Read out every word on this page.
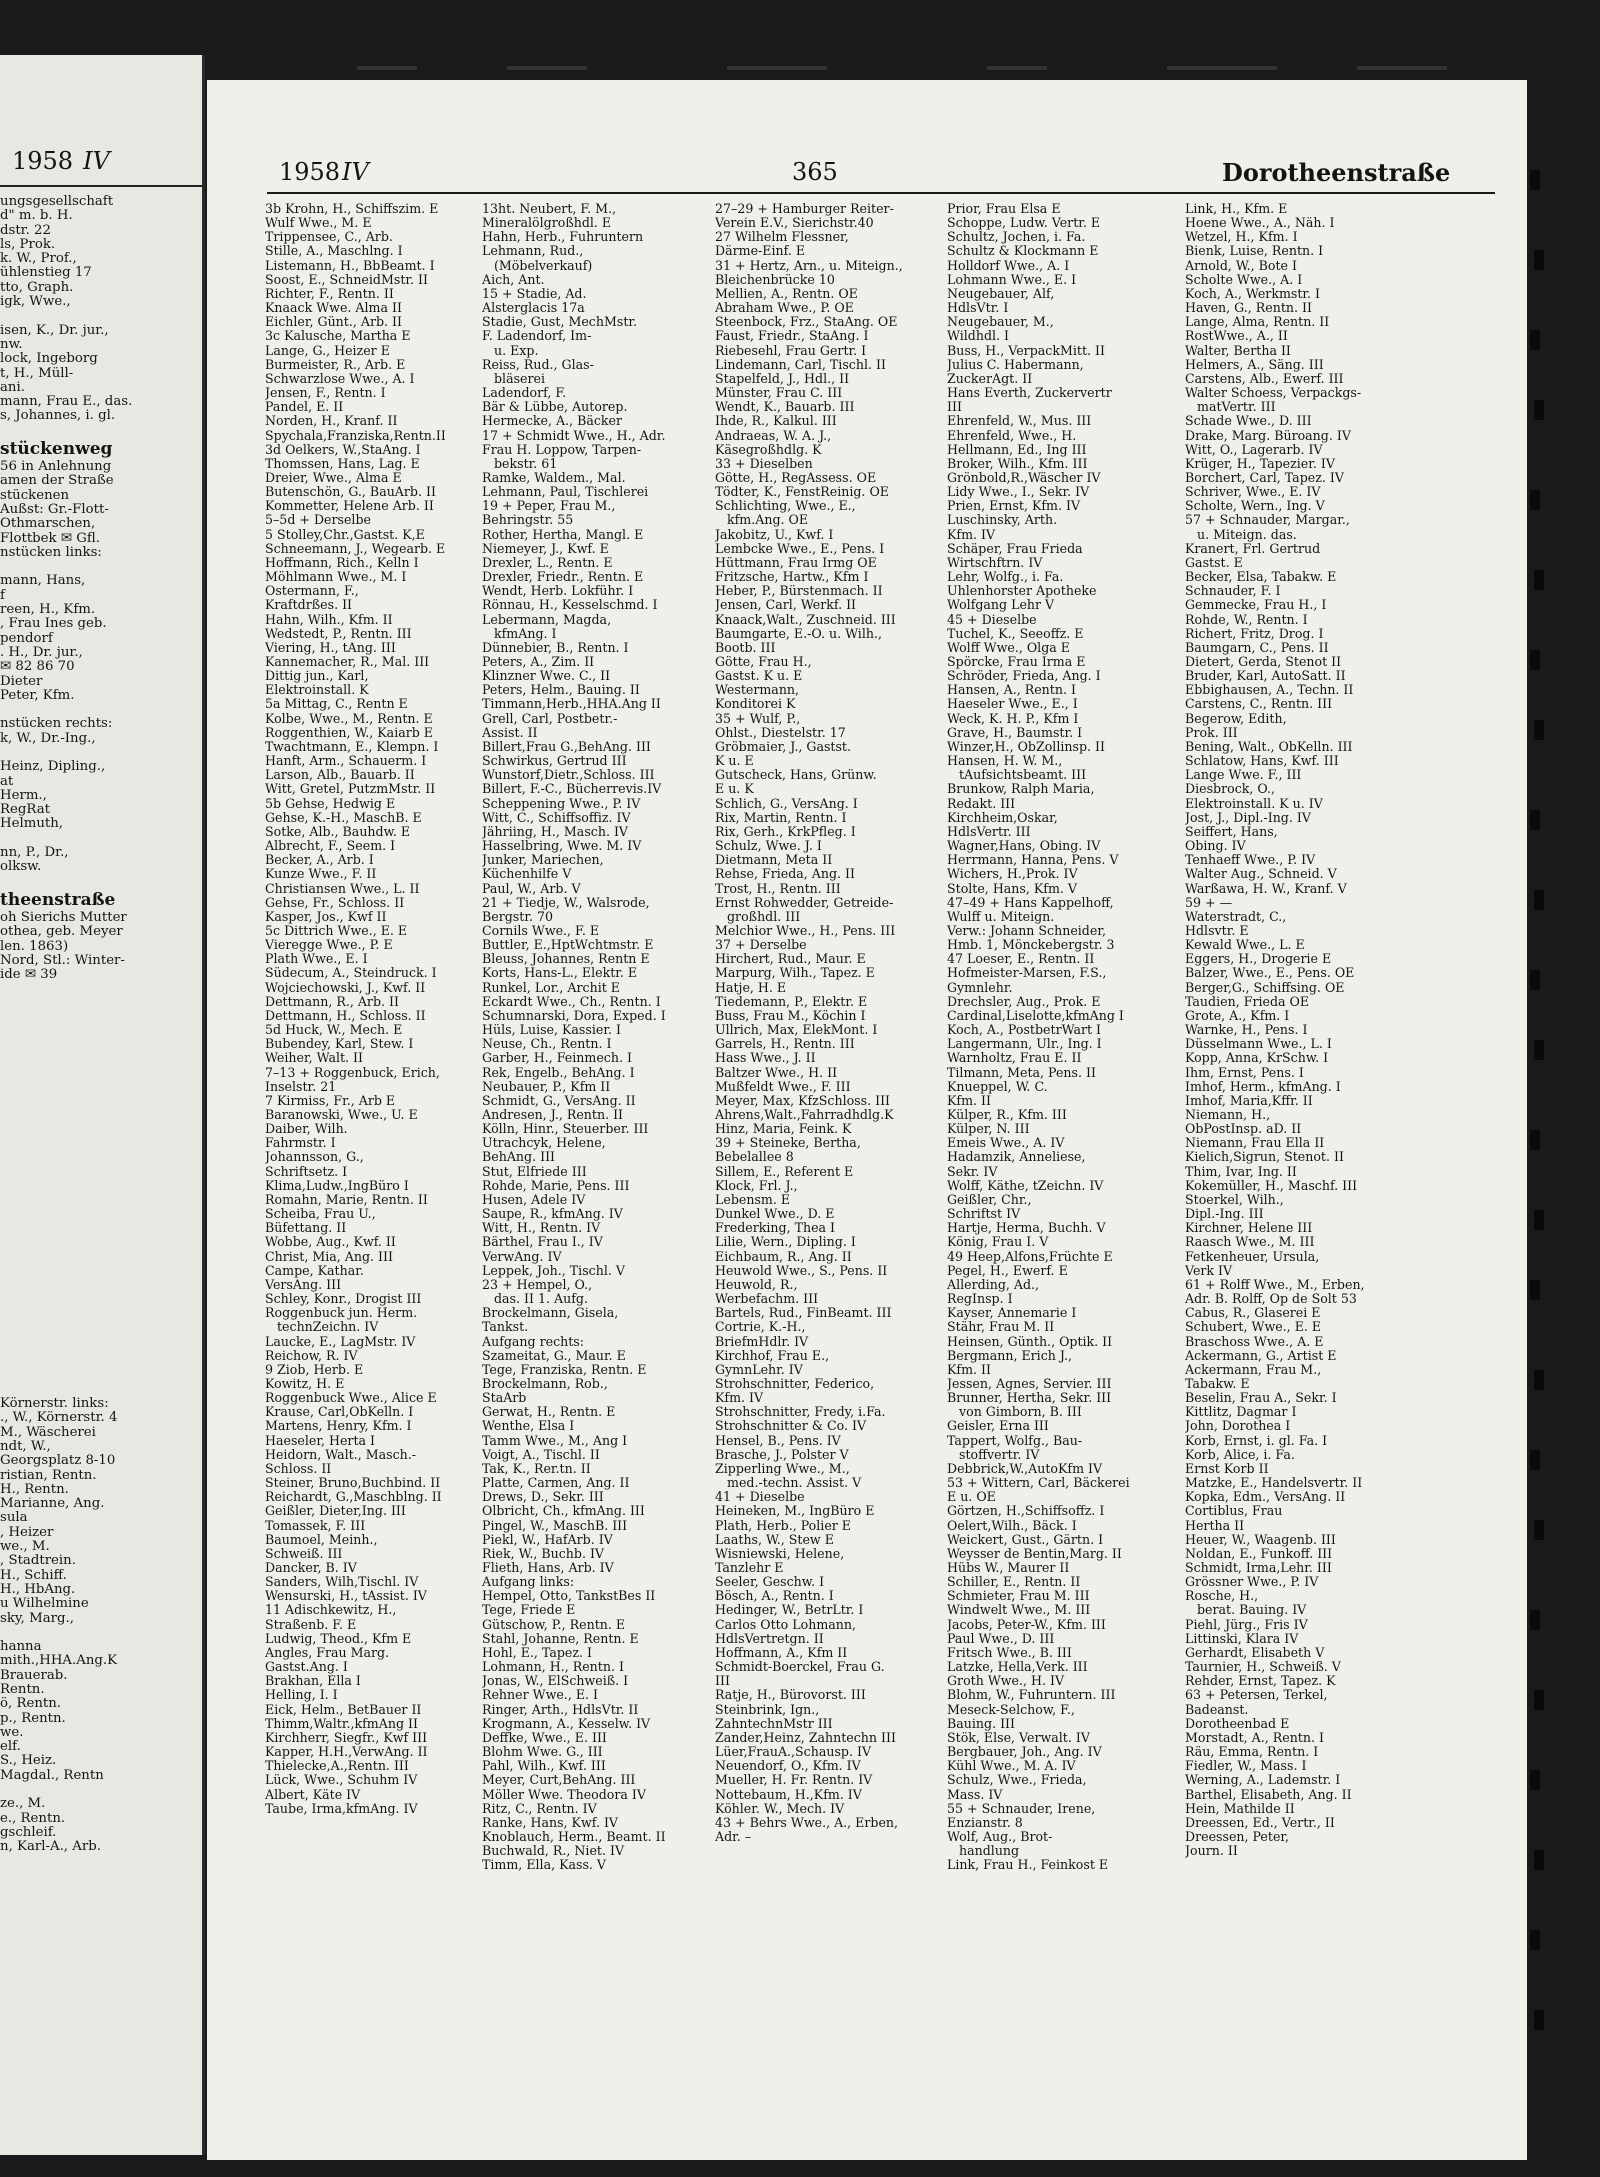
1958 IV
ungsgesellschaft
d" m. b. H.
dstr. 22
ls, Prok.
k. W., Prof.,
ühlenstieg 17
tto, Graph.
igk, Wwe.,

isen, K., Dr. jur.,
nw.
lock, Ingeborg
t, H., Müll-
ani.
mann, Frau E., das.
s, Johannes, i. gl.

stückenweg
56 in Anlehnung
amen der Straße
stückenen
Außst: Gr.-Flott-
Othmarschen,
Flottbek ✉ Gfl.
nstücken links:

mann, Hans,
f
reen, H., Kfm.
, Frau Ines geb.
pendorf
. H., Dr. jur.,
✉ 82 86 70
Dieter
Peter, Kfm.

nstücken rechts:
k, W., Dr.-Ing.,

Heinz, Dipling.,
at
Herm.,
RegRat
Helmuth,

nn, P., Dr.,
olksw.

theenstraße
oh Sierichs Mutter
othea, geb. Meyer
len. 1863)
Nord, Stl.: Winter-
ide ✉ 39

Körnerstr. links:
., W., Körnerstr. 4
M., Wäscherei
ndt, W.,
Georgsplatz 8-10
ristian, Rentn.
H., Rentn.
Marianne, Ang.
sula
, Heizer
we., M.
, Stadtrein.
H., Schiff.
H., HbAng.
u Wilhelmine
sky, Marg.,

hanna
mith.,HHA.Ang.K
Brauerab.
Rentn.
ö, Rentn.
p., Rentn.
we.
elf.
S., Heiz.
Magdal., Rentn

ze., M.
e., Rentn.
gschleif.
n, Karl-A., Arb.
1958 IV	365	Dorotheenstraße

3b Krohn, H., Schiffszim. E

Wulf Wwe., M. E

Trippensee, C., Arb.

Stille, A., Maschlng. I

Listemann, H., BbBeamt. I

Soost, E., SchneidMstr. II

Richter, F., Rentn. II

Knaack Wwe. Alma II

Eichler, Günt., Arb. II

3c Kalusche, Martha E

Lange, G., Heizer E

Burmeister, R., Arb. E

Schwarzlose Wwe., A. I

Jensen, F., Rentn. I

Pandel, E. II

Norden, H., Kranf. II

Spychala,Franziska,Rentn.II

3d Oelkers, W.,StaAng. I

Thomssen, Hans, Lag. E

Dreier, Wwe., Alma E

Butenschön, G., BauArb. II

Kommetter, Helene Arb. II

5–5d + Derselbe

5 Stolley,Chr.,Gastst. K,E

Schneemann, J., Wegearb. E

Hoffmann, Rich., Kelln I

Möhlmann Wwe., M. I

Ostermann, F.,

Kraftdrßes. II

Hahn, Wilh., Kfm. II

Wedstedt, P., Rentn. III

Viering, H., tAng. III

Kannemacher, R., Mal. III

Dittig jun., Karl,

Elektroinstall. K

5a Mittag, C., Rentn E

Kolbe, Wwe., M., Rentn. E

Roggenthien, W., Kaiarb E

Twachtmann, E., Klempn. I

Hanft, Arm., Schauerm. I

Larson, Alb., Bauarb. II

Witt, Gretel, PutzmMstr. II

5b Gehse, Hedwig E

Gehse, K.-H., MaschB. E

Sotke, Alb., Bauhdw. E

Albrecht, F., Seem. I

Becker, A., Arb. I

Kunze Wwe., F. II

Christiansen Wwe., L. II

Gehse, Fr., Schloss. II

Kasper, Jos., Kwf II

5c Dittrich Wwe., E. E

Vieregge Wwe., P. E

Plath Wwe., E. I

Südecum, A., Steindruck. I

Wojciechowski, J., Kwf. II

Dettmann, R., Arb. II

Dettmann, H., Schloss. II

5d Huck, W., Mech. E

Bubendey, Karl, Stew. I

Weiher, Walt. II

7–13 + Roggenbuck, Erich,

Inselstr. 21

7 Kirmiss, Fr., Arb E

Baranowski, Wwe., U. E

Daiber, Wilh.

Fahrmstr. I

Johannsson, G.,

Schriftsetz. I

Klima,Ludw.,IngBüro I

Romahn, Marie, Rentn. II

Scheiba, Frau U.,

Büfettang. II

Wobbe, Aug., Kwf. II

Christ, Mia, Ang. III

Campe, Kathar.

VersAng. III

Schley, Konr., Drogist III

Roggenbuck jun. Herm.

technZeichn. IV

Laucke, E., LagMstr. IV

Reichow, R. IV

9 Ziob, Herb. E

Kowitz, H. E

Roggenbuck Wwe., Alice E

Krause, Carl,ObKelln. I

Martens, Henry, Kfm. I

Haeseler, Herta I

Heidorn, Walt., Masch.-

Schloss. II

Steiner, Bruno,Buchbind. II

Reichardt, G.,Maschblng. II

Geißler, Dieter,Ing. III

Tomassek, F. III

Baumoel, Meinh.,

Schweiß. III

Dancker, B. IV

Sanders, Wilh,Tischl. IV

Wensurski, H., tAssist. IV

11 Adischkewitz, H.,

Straßenb. F. E

Ludwig, Theod., Kfm E

Angles, Frau Marg.

Gastst.Ang. I

Brakhan, Ella I

Helling, I. I

Eick, Helm., BetBauer II

Thimm,Waltr.,kfmAng II

Kirchherr, Siegfr., Kwf III

Kapper, H.H.,VerwAng. II

Thielecke,A.,Rentn. III

Lück, Wwe., Schuhm IV

Albert, Käte IV

Taube, Irma,kfmAng. IV

13ht. Neubert, F. M.,

Mineralölgroßhdl. E

Hahn, Herb., Fuhruntern

Lehmann, Rud.,

(Möbelverkauf)

Aich, Ant.

15 + Stadie, Ad.

Alsterglacis 17a

Stadie, Gust, MechMstr.

F. Ladendorf, Im-

u. Exp.

Reiss, Rud., Glas-

bläserei

Ladendorf, F.

Bär & Lübbe, Autorep.

Hermecke, A., Bäcker

17 + Schmidt Wwe., H., Adr.

Frau H. Loppow, Tarpen-

bekstr. 61

Ramke, Waldem., Mal.

Lehmann, Paul, Tischlerei

19 + Peper, Frau M.,

Behringstr. 55

Rother, Hertha, Mangl. E

Niemeyer, J., Kwf. E

Drexler, L., Rentn. E

Drexler, Friedr., Rentn. E

Wendt, Herb. Lokführ. I

Rönnau, H., Kesselschmd. I

Lebermann, Magda,

kfmAng. I

Dünnebier, B., Rentn. I

Peters, A., Zim. II

Klinzner Wwe. C., II

Peters, Helm., Bauing. II

Timmann,Herb.,HHA.Ang II

Grell, Carl, Postbetr.-

Assist. II

Billert,Frau G.,BehAng. III

Schwirkus, Gertrud III

Wunstorf,Dietr.,Schloss. III

Billert, F.-C., Bücherrevis.IV

Scheppening Wwe., P. IV

Witt, C., Schiffsoffiz. IV

Jähriing, H., Masch. IV

Hasselbring, Wwe. M. IV

Junker, Mariechen,

Küchenhilfe V

Paul, W., Arb. V

21 + Tiedje, W., Walsrode,

Bergstr. 70

Cornils Wwe., F. E

Buttler, E.,HptWchtmstr. E

Bleuss, Johannes, Rentn E

Korts, Hans-L., Elektr. E

Runkel, Lor., Archit E

Eckardt Wwe., Ch., Rentn. I

Schumnarski, Dora, Exped. I

Hüls, Luise, Kassier. I

Neuse, Ch., Rentn. I

Garber, H., Feinmech. I

Rek, Engelb., BehAng. I

Neubauer, P., Kfm II

Schmidt, G., VersAng. II

Andresen, J., Rentn. II

Kölln, Hinr., Steuerber. III

Utrachcyk, Helene,

BehAng. III

Stut, Elfriede III

Rohde, Marie, Pens. III

Husen, Adele IV

Saupe, R., kfmAng. IV

Witt, H., Rentn. IV

Bärthel, Frau I., IV

VerwAng. IV

Leppek, Joh., Tischl. V

23 + Hempel, O.,

das. II 1. Aufg.

Brockelmann, Gisela,

Tankst.

Aufgang rechts:

Szameitat, G., Maur. E

Tege, Franziska, Rentn. E

Brockelmann, Rob.,

StaArb

Gerwat, H., Rentn. E

Wenthe, Elsa I

Tamm Wwe., M., Ang I

Voigt, A., Tischl. II

Tak, K., Rer.tn. II

Platte, Carmen, Ang. II

Drews, D., Sekr. III

Olbricht, Ch., kfmAng. III

Pingel, W., MaschB. III

Piekl, W., HafArb. IV

Riek, W., Buchb. IV

Flieth, Hans, Arb. IV

Aufgang links:

Hempel, Otto, TankstBes II

Tege, Friede E

Gütschow, P., Rentn. E

Stahl, Johanne, Rentn. E

Hohl, E., Tapez. I

Lohmann, H., Rentn. I

Jonas, W., ElSchweiß. I

Rehner Wwe., E. I

Ringer, Arth., HdlsVtr. II

Krogmann, A., Kesselw. IV

Deffke, Wwe., E. III

Blohm Wwe. G., III

Pahl, Wilh., Kwf. III

Meyer, Curt,BehAng. III

Möller Wwe. Theodora IV

Ritz, C., Rentn. IV

Ranke, Hans, Kwf. IV

Knoblauch, Herm., Beamt. II

Buchwald, R., Niet. IV

Timm, Ella, Kass. V

27–29 + Hamburger Reiter-

Verein E.V., Sierichstr.40

27 Wilhelm Flessner,

Därme-Einf. E

31 + Hertz, Arn., u. Miteign.,

Bleichenbrücke 10

Mellien, A., Rentn. OE

Abraham Wwe., P. OE

Steenbock, Frz., StaAng. OE

Faust, Friedr., StaAng. I

Riebesehl, Frau Gertr. I

Lindemann, Carl, Tischl. II

Stapelfeld, J., Hdl., II

Münster, Frau C. III

Wendt, K., Bauarb. III

Ihde, R., Kalkul. III

Andraeas, W. A. J.,

Käsegroßhdlg. K

33 + Dieselben

Götte, H., RegAssess. OE

Tödter, K., FenstReinig. OE

Schlichting, Wwe., E.,

kfm.Ang. OE

Jakobitz, U., Kwf. I

Lembcke Wwe., E., Pens. I

Hüttmann, Frau Irmg OE

Fritzsche, Hartw., Kfm I

Heber, P., Bürstenmach. II

Jensen, Carl, Werkf. II

Knaack,Walt., Zuschneid. III

Baumgarte, E.-O. u. Wilh.,

Bootb. III

Götte, Frau H.,

Gastst. K u. E

Westermann,

Konditorei K

35 + Wulf, P.,

Ohlst., Diestelstr. 17

Gröbmaier, J., Gastst.

K u. E

Gutscheck, Hans, Grünw.

E u. K

Schlich, G., VersAng. I

Rix, Martin, Rentn. I

Rix, Gerh., KrkPfleg. I

Schulz, Wwe. J. I

Dietmann, Meta II

Rehse, Frieda, Ang. II

Trost, H., Rentn. III

Ernst Rohwedder, Getreide-

großhdl. III

Melchior Wwe., H., Pens. III

37 + Derselbe

Hirchert, Rud., Maur. E

Marpurg, Wilh., Tapez. E

Hatje, H. E

Tiedemann, P., Elektr. E

Buss, Frau M., Köchin I

Ullrich, Max, ElekMont. I

Garrels, H., Rentn. III

Hass Wwe., J. II

Baltzer Wwe., H. II

Mußfeldt Wwe., F. III

Meyer, Max, KfzSchloss. III

Ahrens,Walt.,Fahrradhdlg.K

Hinz, Maria, Feink. K

39 + Steineke, Bertha,

Bebelallee 8

Sillem, E., Referent E

Klock, Frl. J.,

Lebensm. E

Dunkel Wwe., D. E

Frederking, Thea I

Lilie, Wern., Dipling. I

Eichbaum, R., Ang. II

Heuwold Wwe., S., Pens. II

Heuwold, R.,

Werbefachm. III

Bartels, Rud., FinBeamt. III

Cortrie, K.-H.,

BriefmHdlr. IV

Kirchhof, Frau E.,

GymnLehr. IV

Strohschnitter, Federico,

Kfm. IV

Strohschnitter, Fredy, i.Fa.

Strohschnitter & Co. IV

Hensel, B., Pens. IV

Brasche, J., Polster V

Zipperling Wwe., M.,

med.-techn. Assist. V

41 + Dieselbe

Heineken, M., IngBüro E

Plath, Herb., Polier E

Laaths, W., Stew E

Wisniewski, Helene,

Tanzlehr E

Seeler, Geschw. I

Bösch, A., Rentn. I

Hedinger, W., BetrLtr. I

Carlos Otto Lohmann,

HdlsVertretgn. II

Hoffmann, A., Kfm II

Schmidt-Boerckel, Frau G.

III

Ratje, H., Bürovorst. III

Steinbrink, Ign.,

ZahntechnMstr III

Zander,Heinz, Zahntechn III

Lüer,FrauA.,Schausp. IV

Neuendorf, O., Kfm. IV

Mueller, H. Fr. Rentn. IV

Nottebaum, H.,Kfm. IV

Köhler. W., Mech. IV

43 + Behrs Wwe., A., Erben,

Adr. –

Prior, Frau Elsa E

Schoppe, Ludw. Vertr. E

Schultz, Jochen, i. Fa.

Schultz & Klockmann E

Holldorf Wwe., A. I

Lohmann Wwe., E. I

Neugebauer, Alf,

HdlsVtr. I

Neugebauer, M.,

Wildhdl. I

Buss, H., VerpackMitt. II

Julius C. Habermann,

ZuckerAgt. II

Hans Everth, Zuckervertr

III

Ehrenfeld, W., Mus. III

Ehrenfeld, Wwe., H.

Hellmann, Ed., Ing III

Broker, Wilh., Kfm. III

Grönbold,R.,Wäscher IV

Lidy Wwe., I., Sekr. IV

Prien, Ernst, Kfm. IV

Luschinsky, Arth.

Kfm. IV

Schäper, Frau Frieda

Wirtschftrn. IV

Lehr, Wolfg., i. Fa.

Uhlenhorster Apotheke

Wolfgang Lehr V

45 + Dieselbe

Tuchel, K., Seeoffz. E

Wolff Wwe., Olga E

Spörcke, Frau Irma E

Schröder, Frieda, Ang. I

Hansen, A., Rentn. I

Haeseler Wwe., E., I

Weck, K. H. P., Kfm I

Grave, H., Baumstr. I

Winzer,H., ObZollinsp. II

Hansen, H. W. M.,

tAufsichtsbeamt. III

Brunkow, Ralph Maria,

Redakt. III

Kirchheim,Oskar,

HdlsVertr. III

Wagner,Hans, Obing. IV

Herrmann, Hanna, Pens. V

Wichers, H.,Prok. IV

Stolte, Hans, Kfm. V

47–49 + Hans Kappelhoff,

Wulff u. Miteign.

Verw.: Johann Schneider,

Hmb. 1, Mönckebergstr. 3

47 Loeser, E., Rentn. II

Hofmeister-Marsen, F.S.,

Gymnlehr.

Drechsler, Aug., Prok. E

Cardinal,Liselotte,kfmAng I

Koch, A., PostbetrWart I

Langermann, Ulr., Ing. I

Warnholtz, Frau E. II

Tilmann, Meta, Pens. II

Knueppel, W. C.

Kfm. II

Külper, R., Kfm. III

Külper, N. III

Emeis Wwe., A. IV

Hadamzik, Anneliese,

Sekr. IV

Wolff, Käthe, tZeichn. IV

Geißler, Chr.,

Schriftst IV

Hartje, Herma, Buchh. V

König, Frau I. V

49 Heep,Alfons,Früchte E

Pegel, H., Ewerf. E

Allerding, Ad.,

RegInsp. I

Kayser, Annemarie I

Stähr, Frau M. II

Heinsen, Günth., Optik. II

Bergmann, Erich J.,

Kfm. II

Jessen, Agnes, Servier. III

Brunner, Hertha, Sekr. III

von Gimborn, B. III

Geisler, Erna III

Tappert, Wolfg., Bau-

stoffvertr. IV

Debbrick,W.,AutoKfm IV

53 + Wittern, Carl, Bäckerei

E u. OE

Görtzen, H.,Schiffsoffz. I

Oelert,Wilh., Bäck. I

Weickert, Gust., Gärtn. I

Weysser de Bentin,Marg. II

Hübs W., Maurer II

Schiller, E., Rentn. II

Schmieter, Frau M. III

Windwelt Wwe., M. III

Jacobs, Peter-W., Kfm. III

Paul Wwe., D. III

Fritsch Wwe., B. III

Latzke, Hella,Verk. III

Groth Wwe., H. IV

Blohm, W., Fuhruntern. III

Meseck-Selchow, F.,

Bauing. III

Stök, Else, Verwalt. IV

Bergbauer, Joh., Ang. IV

Kühl Wwe., M. A. IV

Schulz, Wwe., Frieda,

Mass. IV

55 + Schnauder, Irene,

Enzianstr. 8

Wolf, Aug., Brot-

handlung

Link, Frau H., Feinkost E

Link, H., Kfm. E

Hoene Wwe., A., Näh. I

Wetzel, H., Kfm. I

Bienk, Luise, Rentn. I

Arnold, W., Bote I

Scholte Wwe., A. I

Koch, A., Werkmstr. I

Haven, G., Rentn. II

Lange, Alma, Rentn. II

RostWwe., A., II

Walter, Bertha II

Helmers, A., Säng. III

Carstens, Alb., Ewerf. III

Walter Schoess, Verpackgs-

matVertr. III

Schade Wwe., D. III

Drake, Marg. Büroang. IV

Witt, O., Lagerarb. IV

Krüger, H., Tapezier. IV

Borchert, Carl, Tapez. IV

Schriver, Wwe., E. IV

Scholte, Wern., Ing. V

57 + Schnauder, Margar.,

u. Miteign. das.

Kranert, Frl. Gertrud

Gastst. E

Becker, Elsa, Tabakw. E

Schnauder, F. I

Gemmecke, Frau H., I

Rohde, W., Rentn. I

Richert, Fritz, Drog. I

Baumgarn, C., Pens. II

Dietert, Gerda, Stenot II

Bruder, Karl, AutoSatt. II

Ebbighausen, A., Techn. II

Carstens, C., Rentn. III

Begerow, Edith,

Prok. III

Bening, Walt., ObKelln. III

Schlatow, Hans, Kwf. III

Lange Wwe. F., III

Diesbrock, O.,

Elektroinstall. K u. IV

Jost, J., Dipl.-Ing. IV

Seiffert, Hans,

Obing. IV

Tenhaeff Wwe., P. IV

Walter Aug., Schneid. V

Warßawa, H. W., Kranf. V

59 + —

Waterstradt, C.,

Hdlsvtr. E

Kewald Wwe., L. E

Eggers, H., Drogerie E

Balzer, Wwe., E., Pens. OE

Berger,G., Schiffsing. OE

Taudien, Frieda OE

Grote, A., Kfm. I

Warnke, H., Pens. I

Düsselmann Wwe., L. I

Kopp, Anna, KrSchw. I

Ihm, Ernst, Pens. I

Imhof, Herm., kfmAng. I

Imhof, Maria,Kffr. II

Niemann, H.,

ObPostInsp. aD. II

Niemann, Frau Ella II

Kielich,Sigrun, Stenot. II

Thim, Ivar, Ing. II

Kokemüller, H., Maschf. III

Stoerkel, Wilh.,

Dipl.-Ing. III

Kirchner, Helene III

Raasch Wwe., M. III

Fetkenheuer, Ursula,

Verk IV

61 + Rolff Wwe., M., Erben,

Adr. B. Rolff, Op de Solt 53

Cabus, R., Glaserei E

Schubert, Wwe., E. E

Braschoss Wwe., A. E

Ackermann, G., Artist E

Ackermann, Frau M.,

Tabakw. E

Beselin, Frau A., Sekr. I

Kittlitz, Dagmar I

John, Dorothea I

Korb, Ernst, i. gl. Fa. I

Korb, Alice, i. Fa.

Ernst Korb II

Matzke, E., Handelsvertr. II

Kopka, Edm., VersAng. II

Cortiblus, Frau

Hertha II

Heuer, W., Waagenb. III

Noldan, E., Funkoff. III

Schmidt, Irma,Lehr. III

Grössner Wwe., P. IV

Rosche, H.,

berat. Bauing. IV

Piehl, Jürg., Fris IV

Littinski, Klara IV

Gerhardt, Elisabeth V

Taurnier, H., Schweiß. V

Rehder, Ernst, Tapez. K

63 + Petersen, Terkel,

Badeanst.

Dorotheenbad E

Morstadt, A., Rentn. I

Räu, Emma, Rentn. I

Fiedler, W., Mass. I

Werning, A., Lademstr. I

Barthel, Elisabeth, Ang. II

Hein, Mathilde II

Dreessen, Ed., Vertr., II

Dreessen, Peter,

Journ. II
